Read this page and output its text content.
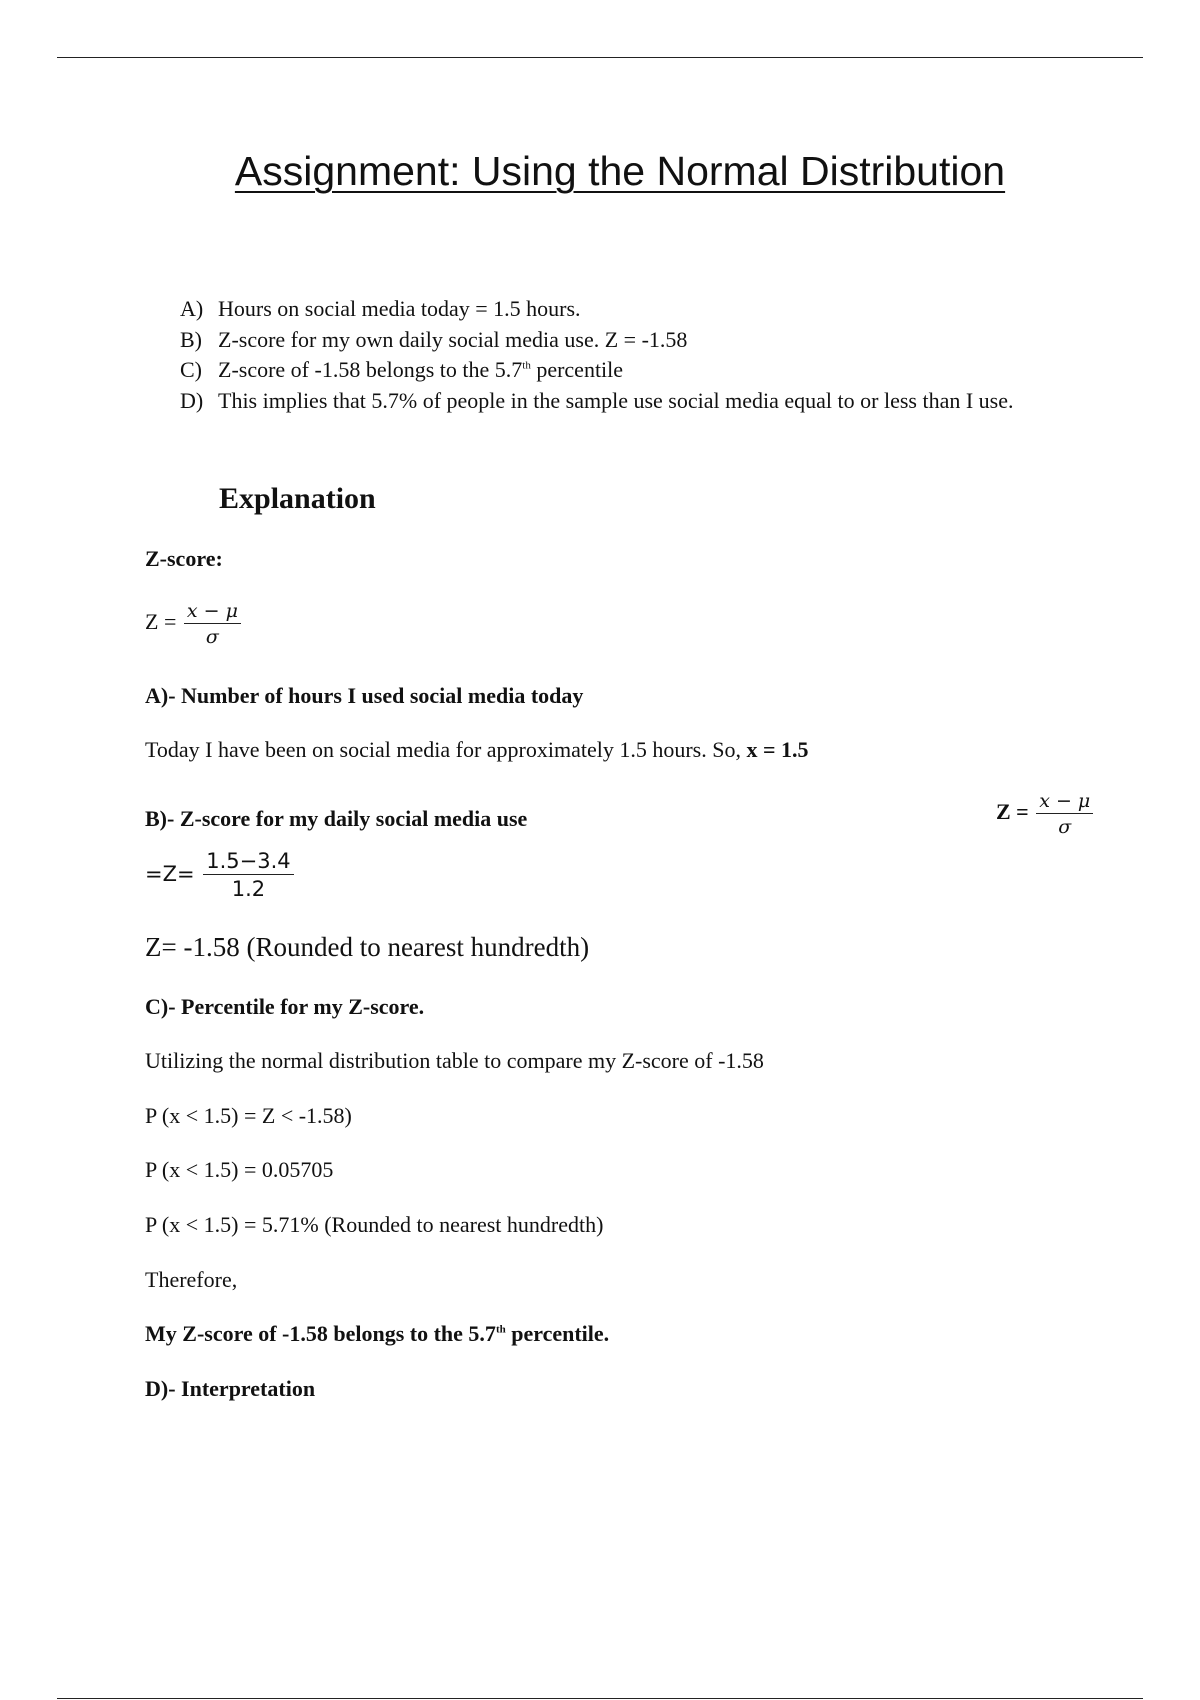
Assignment: Using the Normal Distribution
A) Hours on social media today = 1.5 hours.
B) Z-score for my own daily social media use. Z = -1.58
C) Z-score of -1.58 belongs to the 5.7th percentile
D) This implies that 5.7% of people in the sample use social media equal to or less than I use.
Explanation
Z-score:
$Z = \frac{x - \mu}{\sigma}$
A)- Number of hours I used social media today
Today I have been on social media for approximately 1.5 hours. So, x = 1.5
B)- Z-score for my daily social media use	$Z = \frac{x - \mu}{\sigma}$
$=Z= \frac{1.5-3.4}{1.2}$
Z= -1.58 (Rounded to nearest hundredth)
C)- Percentile for my Z-score.
Utilizing the normal distribution table to compare my Z-score of -1.58
P (x < 1.5) = Z < -1.58)
P (x < 1.5) = 0.05705
P (x < 1.5) = 5.71% (Rounded to nearest hundredth)
Therefore,
My Z-score of -1.58 belongs to the 5.7th percentile.
D)- Interpretation
